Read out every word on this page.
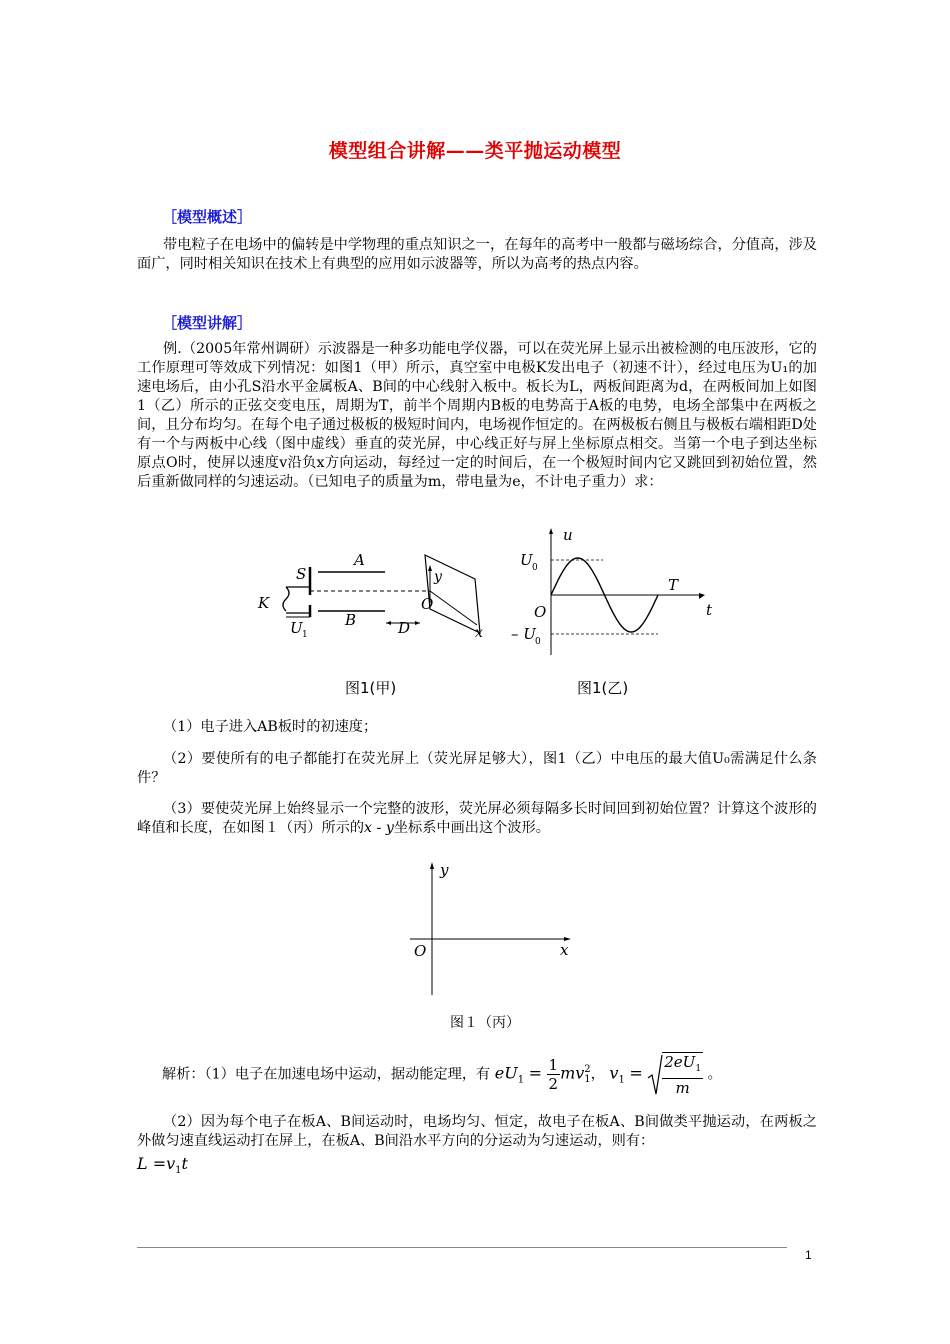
模型组合讲解——类平抛运动模型
［模型概述］
带电粒子在电场中的偏转是中学物理的重点知识之一，在每年的高考中一般都与磁场综合，分值高，涉及面广，同时相关知识在技术上有典型的应用如示波器等，所以为高考的热点内容。
［模型讲解］
例.（2005年常州调研）示波器是一种多功能电学仪器，可以在荧光屏上显示出被检测的电压波形，它的工作原理可等效成下列情况：如图1（甲）所示，真空室中电极K发出电子（初速不计），经过电压为U₁的加速电场后，由小孔S沿水平金属板A、B间的中心线射入板中。板长为L，两板间距离为d，在两板间加上如图1（乙）所示的正弦交变电压，周期为T，前半个周期内B板的电势高于A板的电势，电场全部集中在两板之间，且分布均匀。在每个电子通过极板的极短时间内，电场视作恒定的。在两极板右侧且与极板右端相距D处有一个与两板中心线（图中虚线）垂直的荧光屏，中心线正好与屏上坐标原点相交。当第一个电子到达坐标原点O时，使屏以速度v沿负x方向运动，每经过一定的时间后，在一个极短时间内它又跳回到初始位置，然后重新做同样的匀速运动。（已知电子的质量为m，带电量为e，不计电子重力）求：
A
B
S
K
U 1	D
O
x
y
图1(甲)
u
U 0
O
T
t
– U 0
图1(乙)
（1）电子进入AB板时的初速度；
（2）要使所有的电子都能打在荧光屏上（荧光屏足够大），图1（乙）中电压的最大值U₀需满足什么条件？
（3）要使荧光屏上始终显示一个完整的波形，荧光屏必须每隔多长时间回到初始位置？计算这个波形的峰值和长度，在如图１（丙）所示的x - y坐标系中画出这个波形。
y
O	x
图１（丙）
解析：（1）电子在加速电场中运动，据动能定理，有 $eU_1 = \frac{1}{2}$ mv 2
1 ， $v_1 = \frac{2eU_1}{m}$ 。
（2）因为每个电子在板A、B间运动时，电场均匀、恒定，故电子在板A、B间做类平抛运动，在两板之外做匀速直线运动打在屏上，在板A、B间沿水平方向的分运动为匀速运动，则有：
$L =v_1t$
1
